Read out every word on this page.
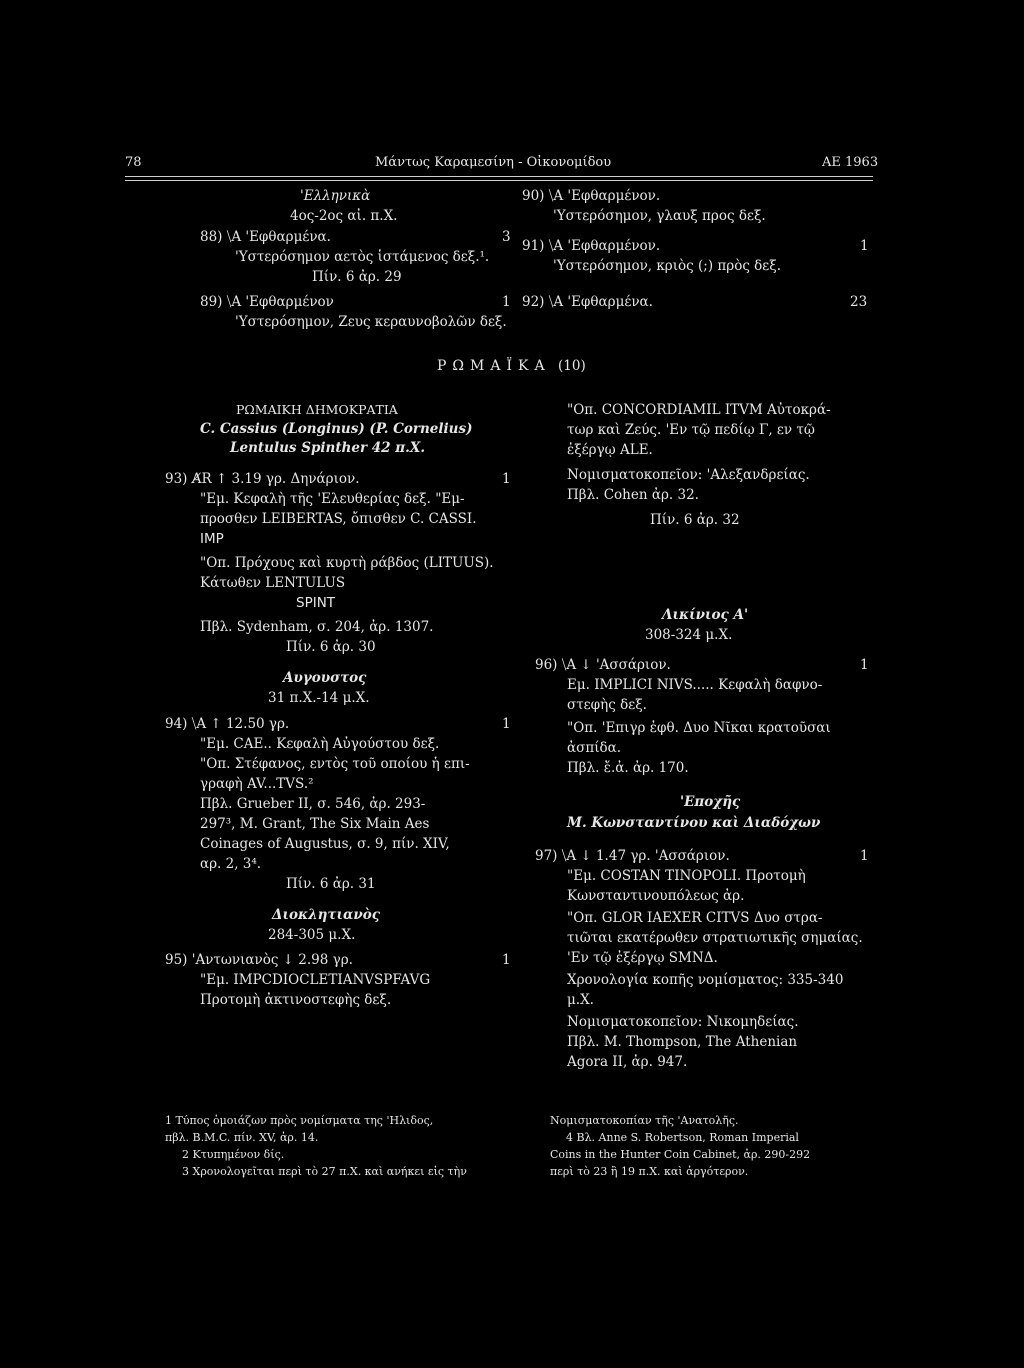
78	Μάντως Καραμεσίνη - Οἰκονομίδου	ΑΕ 1963
'Ελληνικὰ
4ος-2ος αἰ. π.Χ.
88) ⧹Α 'Εφθαρμένα.	3
'Υστερόσημον αετὸς ἱστάμενος δεξ.¹.
Πίν. 6 ἀρ. 29
89) ⧹Α 'Εφθαρμένον	1
'Υστερόσημον, Ζευς κεραυνοβολῶν δεξ.
90) ⧹Α 'Εφθαρμένον.
'Υστερόσημον, γλαυξ προς δεξ.
91) ⧹Α 'Εφθαρμένον.	1
'Υστερόσημον, κριὸς (;) πρὸς δεξ.
92) ⧹Α 'Εφθαρμένα.	23
ΡΩΜΑΪΚΑ (10)
ΡΩΜΑΙΚΗ ΔΗΜΟΚΡΑΤΙΑ
C. Cassius (Longinus) (P. Cornelius)
Lentulus Spinther 42 π.Χ.
93) Α̸R ↑ 3.19 γρ. Δηνάριον.	1
"Εμ. Κεφαλὴ τῆς 'Ελευθερίας δεξ. "Εμ-
προσθεν LEIBERTAS, ὄπισθεν C. CASSI.
IMP
"Οπ. Πρόχους καὶ κυρτὴ ράβδος (LITUUS).
Κάτωθεν LENTULUS
SPINT
Πβλ. Sydenham, σ. 204, ἀρ. 1307.
Πίν. 6 ἀρ. 30
Αυγουστος
31 π.Χ.-14 μ.Χ.
94) ⧹Α ↑ 12.50 γρ.	1
"Εμ. CAE.. Κεφαλὴ Αὐγούστου δεξ.
"Οπ. Στέφανος, εντὸς τοῦ οποίου ἡ επι-
γραφὴ AV...TVS.²
Πβλ. Grueber II, σ. 546, ἀρ. 293-
297³, Μ. Grant, The Six Main Aes
Coinages of Augustus, σ. 9, πίν. XIV,
αρ. 2, 3⁴.
Πίν. 6 ἀρ. 31
Διοκλητιανὸς
284-305 μ.Χ.
95) 'Αντωνιανὸς ↓ 2.98 γρ.	1
"Εμ. IMPCDIOCLETIANVSPFAVG
Προτομὴ ἀκτινοστεφὴς δεξ.
"Οπ. CONCORDIAMIL ITVM Αὐτοκρά-
τωρ καὶ Ζεύς. 'Εν τῷ πεδίῳ Γ, εν τῷ
ἐξέργῳ ALE.
Νομισματοκοπεῖον: 'Αλεξανδρείας.
Πβλ. Cohen ἀρ. 32.
Πίν. 6 ἀρ. 32
Λικίνιος Α'
308-324 μ.Χ.
96) ⧹Α ↓ 'Ασσάριον.	1
Εμ. IMPLICI NIVS..... Κεφαλὴ δαφνο-
στεφὴς δεξ.
"Οπ. 'Επιγρ ἐφθ. Δυο Νῖκαι κρατοῦσαι
ἀσπίδα.
Πβλ. ἔ.ἀ. ἀρ. 170.
'Εποχῆς
Μ. Κωνσταντίνου καὶ Διαδόχων
97) ⧹Α ↓ 1.47 γρ. 'Ασσάριον.	1
"Εμ. COSTAN TINOPOLI. Προτομὴ
Κωνσταντινουπόλεως ἀρ.
"Οπ. GLOR IAEXER CITVS Δυο στρα-
τιῶται εκατέρωθεν στρατιωτικῆς σημαίας.
'Εν τῷ ἐξέργῳ SMNΔ.
Χρονολογία κοπῆς νομίσματος: 335-340
μ.Χ.
Νομισματοκοπεῖον: Νικομηδείας.
Πβλ. Μ. Thompson, The Athenian
Agora II, ἀρ. 947.
1 Τύπος ὁμοιάζων πρὸς νομίσματα της 'Ηλιδος,
πβλ. B.M.C. πίν. XV, ἀρ. 14.
2 Κτυπημένον δίς.
3 Χρονολογεῖται περὶ τὸ 27 π.Χ. καὶ ανήκει εἰς τὴν
Νομισματοκοπίαν τῆς 'Ανατολῆς.
4 Βλ. Anne S. Robertson, Roman Imperial
Coins in the Hunter Coin Cabinet, ἀρ. 290-292
περὶ τὸ 23 ἢ 19 π.Χ. καὶ ἀργότερον.
